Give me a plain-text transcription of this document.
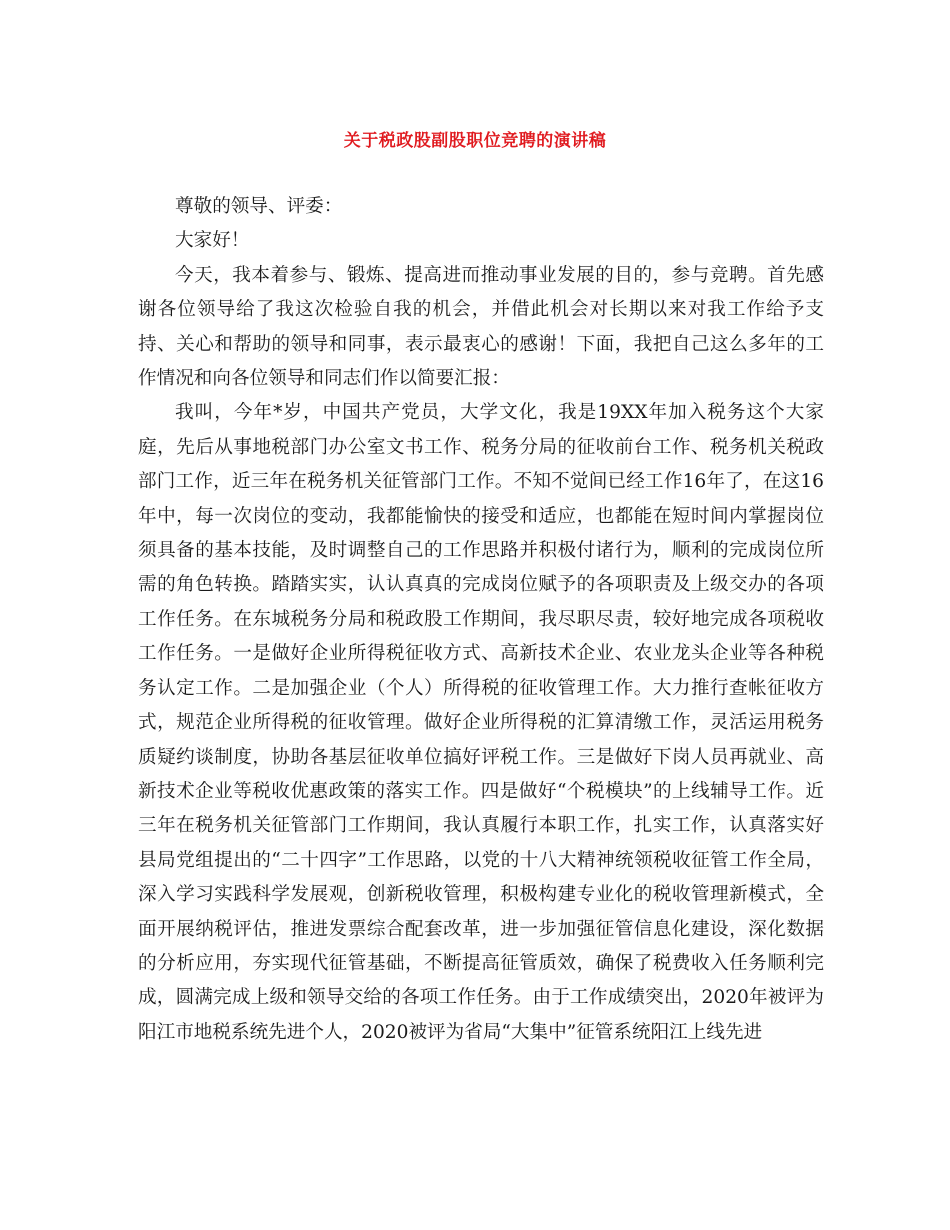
关于税政股副股职位竞聘的演讲稿

尊敬的领导、评委：

大家好！

今天，我本着参与、锻炼、提高进而推动事业发展的目的，参与竞聘。首先感谢各位领导给了我这次检验自我的机会，并借此机会对长期以来对我工作给予支持、关心和帮助的领导和同事，表示最衷心的感谢！下面，我把自己这么多年的工作情况和向各位领导和同志们作以简要汇报：

我叫，今年*岁，中国共产党员，大学文化，我是19XX年加入税务这个大家庭，先后从事地税部门办公室文书工作、税务分局的征收前台工作、税务机关税政部门工作，近三年在税务机关征管部门工作。不知不觉间已经工作16年了，在这16年中，每一次岗位的变动，我都能愉快的接受和适应，也都能在短时间内掌握岗位须具备的基本技能，及时调整自己的工作思路并积极付诸行为，顺利的完成岗位所需的角色转换。踏踏实实，认认真真的完成岗位赋予的各项职责及上级交办的各项工作任务。在东城税务分局和税政股工作期间，我尽职尽责，较好地完成各项税收工作任务。一是做好企业所得税征收方式、高新技术企业、农业龙头企业等各种税务认定工作。二是加强企业（个人）所得税的征收管理工作。大力推行查帐征收方式，规范企业所得税的征收管理。做好企业所得税的汇算清缴工作，灵活运用税务质疑约谈制度，协助各基层征收单位搞好评税工作。三是做好下岗人员再就业、高新技术企业等税收优惠政策的落实工作。四是做好“个税模块”的上线辅导工作。近三年在税务机关征管部门工作期间，我认真履行本职工作，扎实工作，认真落实好县局党组提出的“二十四字”工作思路，以党的十八大精神统领税收征管工作全局，深入学习实践科学发展观，创新税收管理，积极构建专业化的税收管理新模式，全面开展纳税评估，推进发票综合配套改革，进一步加强征管信息化建设，深化数据的分析应用，夯实现代征管基础，不断提高征管质效，确保了税费收入任务顺利完成，圆满完成上级和领导交给的各项工作任务。由于工作成绩突出，2020年被评为阳江市地税系统先进个人，2020被评为省局“大集中”征管系统阳江上线先进
